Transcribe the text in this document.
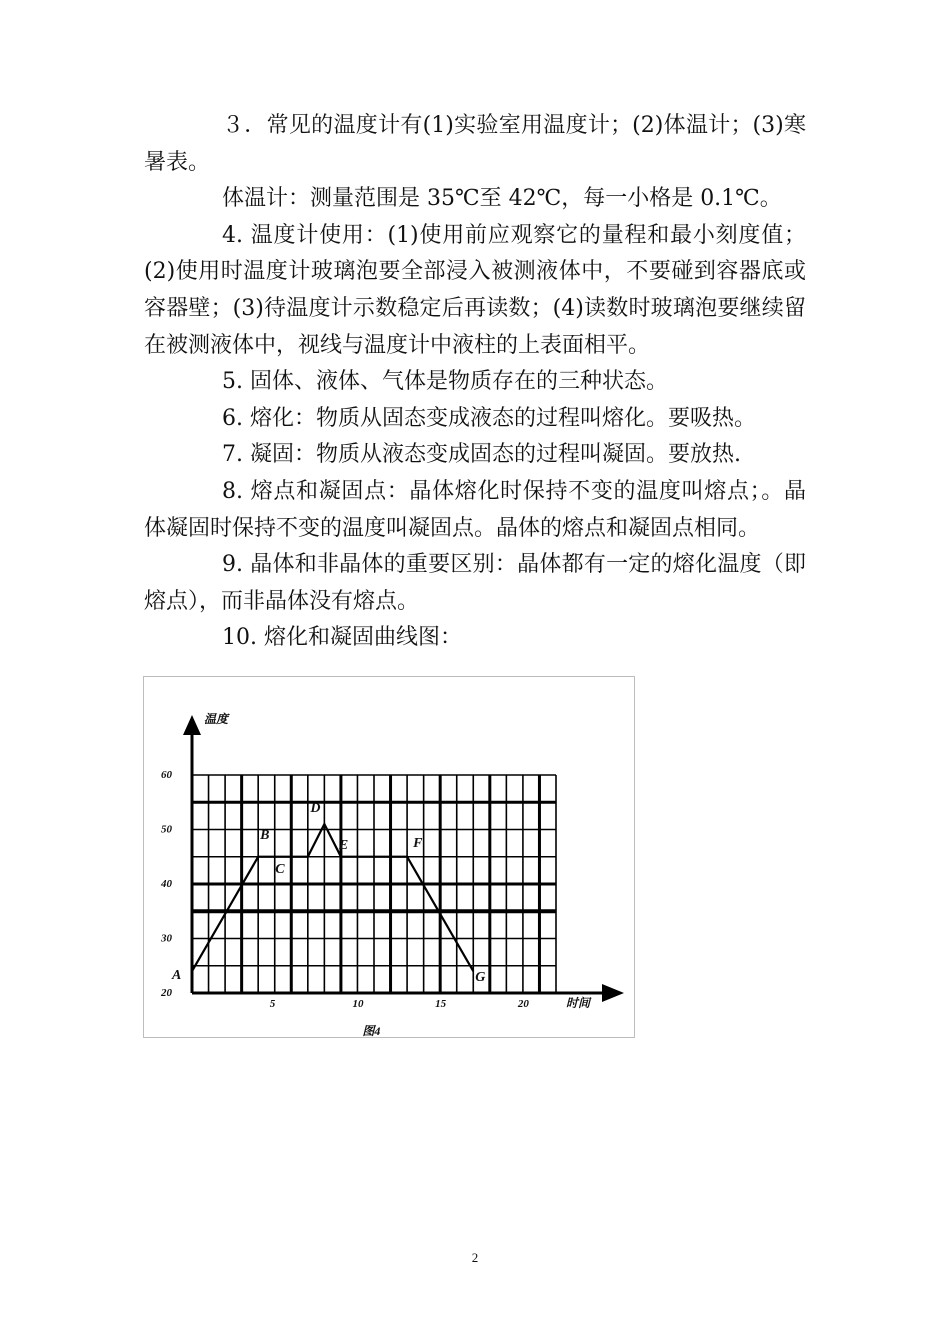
３．常见的温度计有(1)实验室用温度计；(2)体温计；(3)寒暑表。

体温计：测量范围是 35℃至 42℃，每一小格是 0.1℃。

4. 温度计使用：(1)使用前应观察它的量程和最小刻度值；(2)使用时温度计玻璃泡要全部浸入被测液体中，不要碰到容器底或容器壁；(3)待温度计示数稳定后再读数；(4)读数时玻璃泡要继续留在被测液体中，视线与温度计中液柱的上表面相平。

5. 固体、液体、气体是物质存在的三种状态。

6. 熔化：物质从固态变成液态的过程叫熔化。要吸热。

7. 凝固：物质从液态变成固态的过程叫凝固。要放热.

8. 熔点和凝固点：晶体熔化时保持不变的温度叫熔点；。晶体凝固时保持不变的温度叫凝固点。晶体的熔点和凝固点相同。

9. 晶体和非晶体的重要区别：晶体都有一定的熔化温度（即熔点），而非晶体没有熔点。

10. 熔化和凝固曲线图：

20
30
40
50
60
5	10	15	20
温度
时间
图4
A
B
C
D
E	F
G
2
